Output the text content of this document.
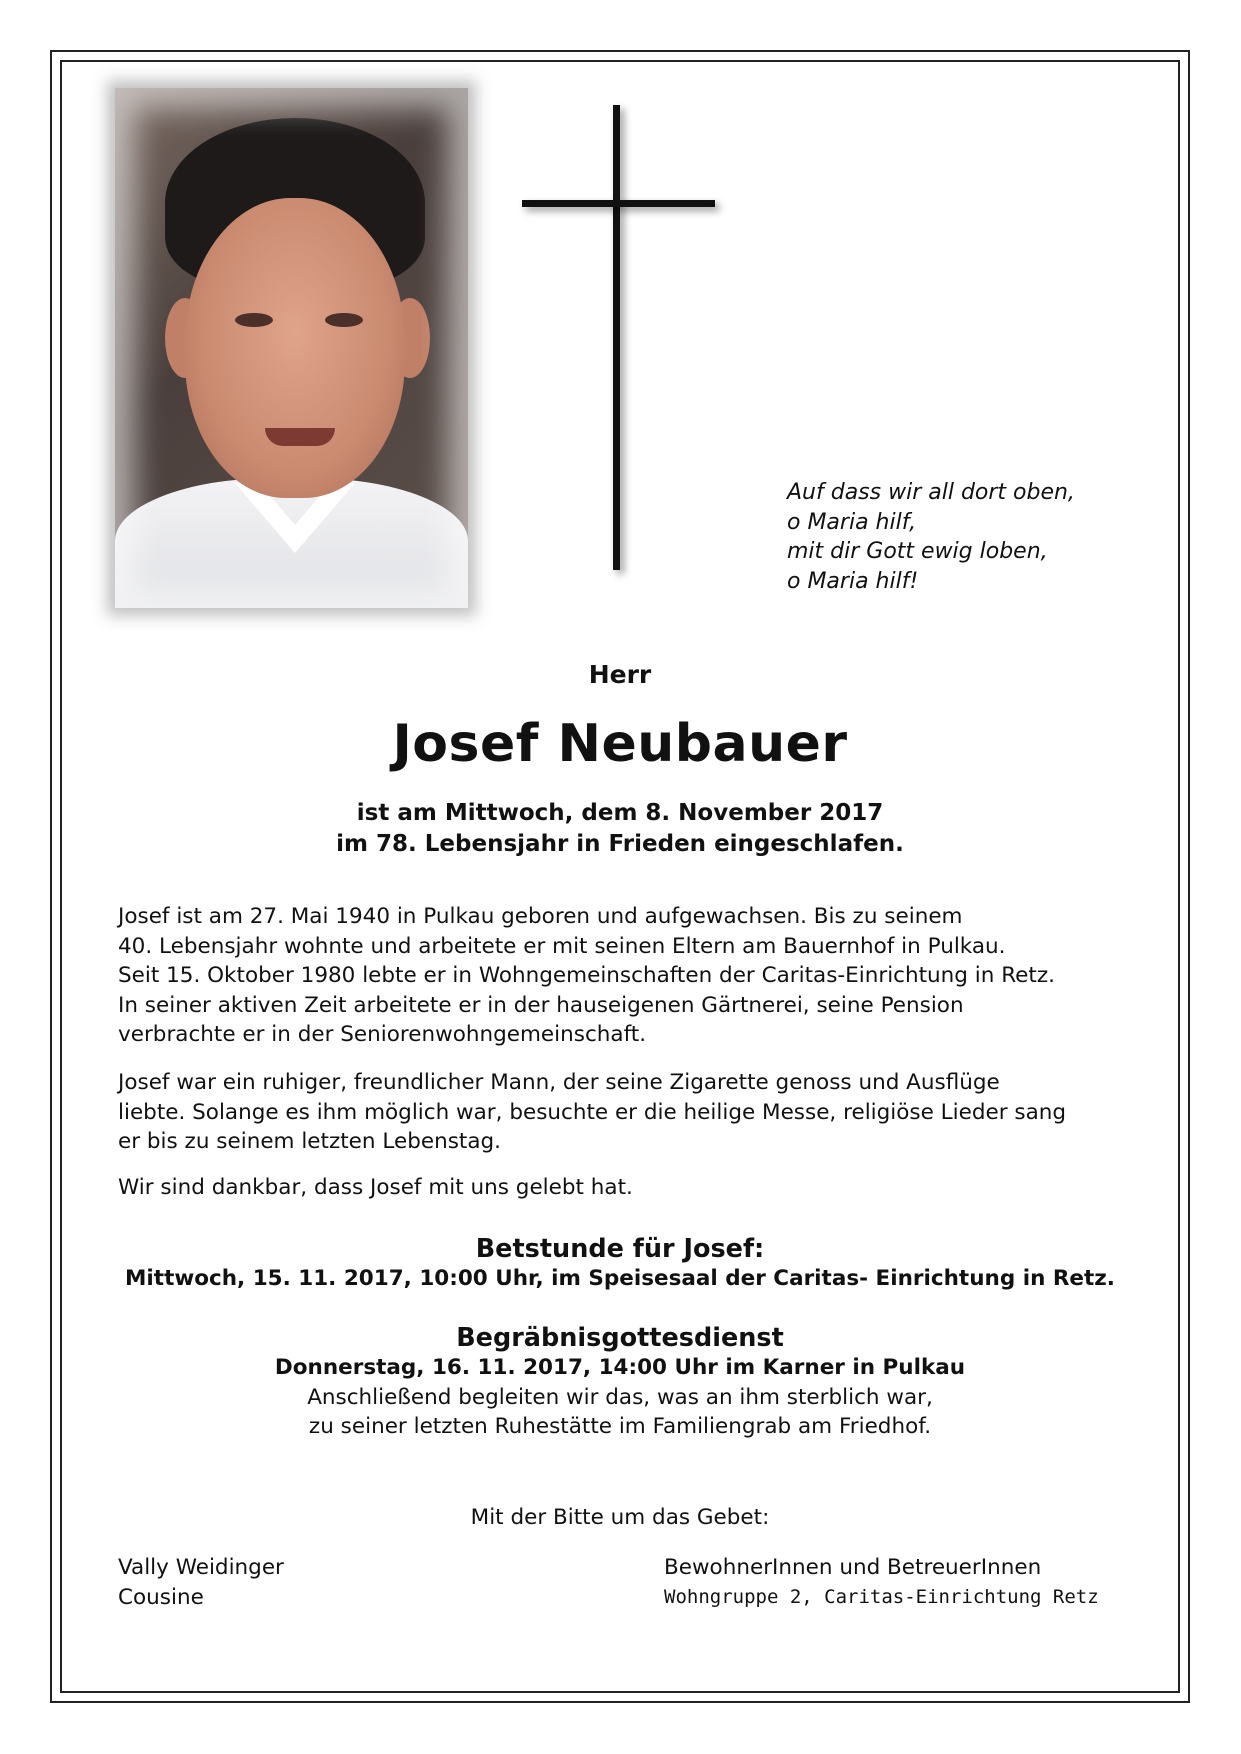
Auf dass wir all dort oben,
o Maria hilf,
mit dir Gott ewig loben,
o Maria hilf!
Herr
Josef Neubauer
ist am Mittwoch, dem 8. November 2017
im 78. Lebensjahr in Frieden eingeschlafen.
Josef ist am 27. Mai 1940 in Pulkau geboren und aufgewachsen. Bis zu seinem
40. Lebensjahr wohnte und arbeitete er mit seinen Eltern am Bauernhof in Pulkau.
Seit 15. Oktober 1980 lebte er in Wohngemeinschaften der Caritas-Einrichtung in Retz.
In seiner aktiven Zeit arbeitete er in der hauseigenen Gärtnerei, seine Pension
verbrachte er in der Seniorenwohngemeinschaft.
Josef war ein ruhiger, freundlicher Mann, der seine Zigarette genoss und Ausflüge
liebte. Solange es ihm möglich war, besuchte er die heilige Messe, religiöse Lieder sang
er bis zu seinem letzten Lebenstag.
Wir sind dankbar, dass Josef mit uns gelebt hat.
Betstunde für Josef:
Mittwoch, 15. 11. 2017, 10:00 Uhr, im Speisesaal der Caritas- Einrichtung in Retz.
Begräbnisgottesdienst
Donnerstag, 16. 11. 2017, 14:00 Uhr im Karner in Pulkau
Anschließend begleiten wir das, was an ihm sterblich war,
zu seiner letzten Ruhestätte im Familiengrab am Friedhof.
Mit der Bitte um das Gebet:
Vally Weidinger
Cousine
BewohnerInnen und BetreuerInnen
Wohngruppe 2, Caritas-Einrichtung Retz
